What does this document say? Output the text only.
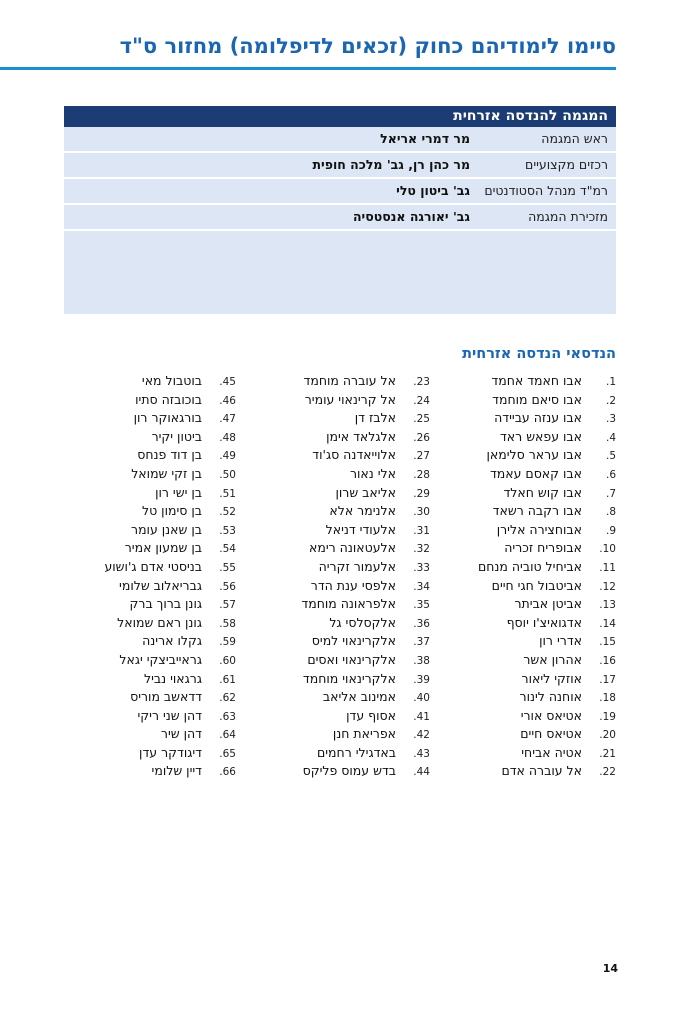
סיימו לימודיהם כחוק (זכאים לדיפלומה) מחזור ס"ד
המגמה להנדסה אזרחית
ראש המגמה
מר דמרי אריאל
רכזים מקצועיים
מר כהן רן, גב' מלכה חופית
רמ"ד מנהל הסטודנטים
גב' ביטון טלי
מזכירת המגמה
גב' יאורגה אנסטסיה
הנדסאי הנדסה אזרחית
1.אבו חאמד אחמד
2.אבו סיאם מוחמד
3.אבו ענזה עביידה
4.אבו עפאש ראד
5.אבו עראר סלימאן
6.אבו קאסם עאמד
7.אבו קוש חאלד
8.אבו רקבה רשאד
9.אבוחצירה אלירן
10.אבופריח זכריה
11.אביחיל טוביה מנחם
12.אביטבול חגי חיים
13.אביטן אביתר
14.אדגואיצ'ו יוסף
15.אדרי רון
16.אהרון אשר
17.אוזקי ליאור
18.אוחנה לינור
19.אטיאס אורי
20.אטיאס חיים
21.אטיה אביחי
22.אל עוברה אדם
23.אל עוברה מוחמד
24.אל קרינאוי עומיר
25.אלבז דן
26.אלגלאד אימן
27.אלוייאדנה סג'וד
28.אלי נאור
29.אליאב שרון
30.אלנימר אלא
31.אלעודי דניאל
32.אלעטאונה רימא
33.אלעמור זקריה
34.אלפסי ענת הדר
35.אלפראונה מוחמד
36.אלקסלסי גל
37.אלקרינאוי למיס
38.אלקרינאוי ואסים
39.אלקרינאוי מוחמד
40.אמינוב אליאב
41.אסוף עדן
42.אפריאת חנן
43.באדגילי רחמים
44.בדש עמוס פליקס
45.בוטבול מאי
46.בוכובזה סתיו
47.בורגאוקר רון
48.ביטון יקיר
49.בן דוד פנחס
50.בן זקי שמואל
51.בן ישי רון
52.בן סימון טל
53.בן שאנן עומר
54.בן שמעון אמיר
55.בניסטי אדם ג'ושוע
56.גבריאלוב שלומי
57.גונן ברוך ברק
58.גונן ראם שמואל
59.גקלו ארינה
60.גראייביצקי יגאל
61.גרגאוי נביל
62.דדאשב מוריס
63.דהן שני ריקי
64.דהן שיר
65.דיגודקר עדן
66.דיין שלומי
14
